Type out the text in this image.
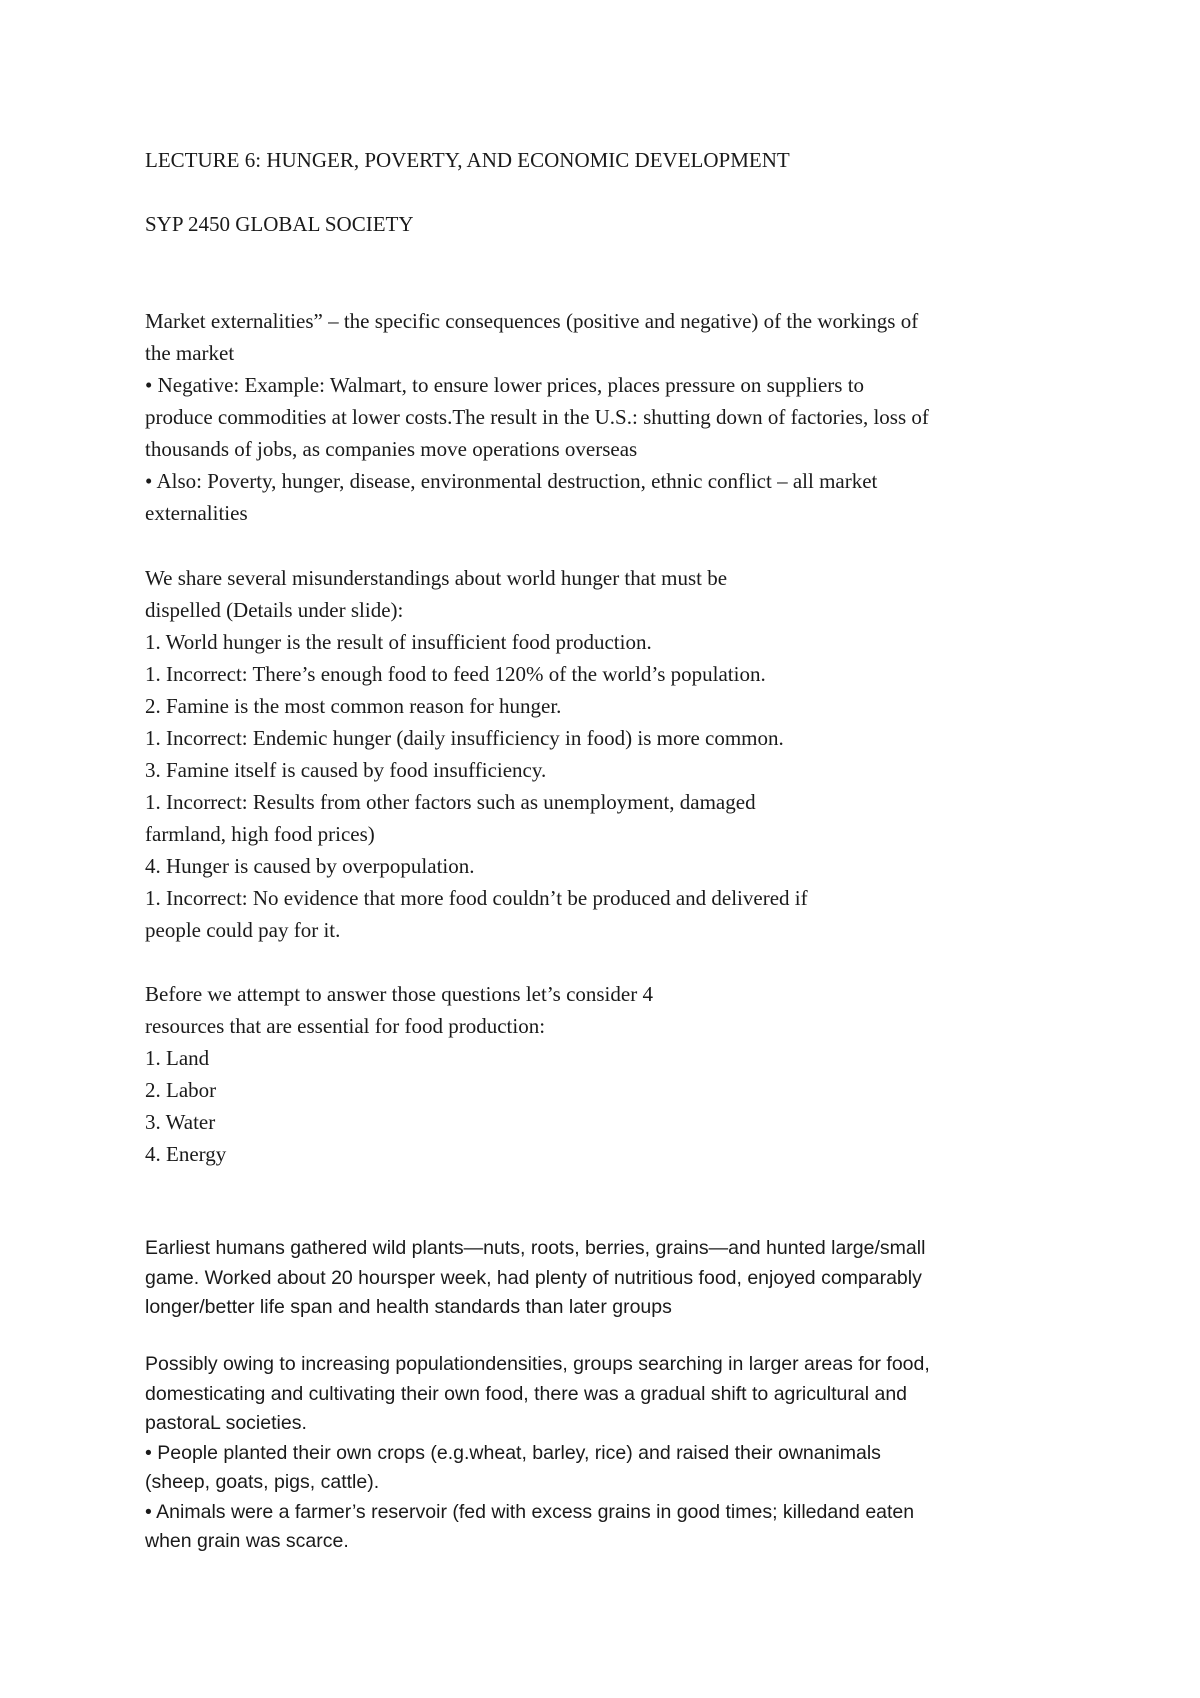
LECTURE 6: HUNGER, POVERTY, AND ECONOMIC DEVELOPMENT
SYP 2450 GLOBAL SOCIETY
Market externalities” – the specific consequences (positive and negative) of the workings of
the market
• Negative: Example: Walmart, to ensure lower prices, places pressure on suppliers to
produce commodities at lower costs.The result in the U.S.: shutting down of factories, loss of
thousands of jobs, as companies move operations overseas
• Also: Poverty, hunger, disease, environmental destruction, ethnic conflict – all market
externalities
We share several misunderstandings about world hunger that must be
dispelled (Details under slide):
1. World hunger is the result of insufficient food production.
1. Incorrect: There’s enough food to feed 120% of the world’s population.
2. Famine is the most common reason for hunger.
1. Incorrect: Endemic hunger (daily insufficiency in food) is more common.
3. Famine itself is caused by food insufficiency.
1. Incorrect: Results from other factors such as unemployment, damaged
farmland, high food prices)
4. Hunger is caused by overpopulation.
1. Incorrect: No evidence that more food couldn’t be produced and delivered if
people could pay for it.
Before we attempt to answer those questions let’s consider 4
resources that are essential for food production:
1. Land
2. Labor
3. Water
4. Energy
Earliest humans gathered wild plants—nuts, roots, berries, grains—and hunted large/small
game. Worked about 20 hoursper week, had plenty of nutritious food, enjoyed comparably
longer/better life span and health standards than later groups
Possibly owing to increasing populationdensities, groups searching in larger areas for food,
domesticating and cultivating their own food, there was a gradual shift to agricultural and
pastoraL societies.
• People planted their own crops (e.g.wheat, barley, rice) and raised their ownanimals
(sheep, goats, pigs, cattle).
• Animals were a farmer’s reservoir (fed with excess grains in good times; killedand eaten
when grain was scarce.
